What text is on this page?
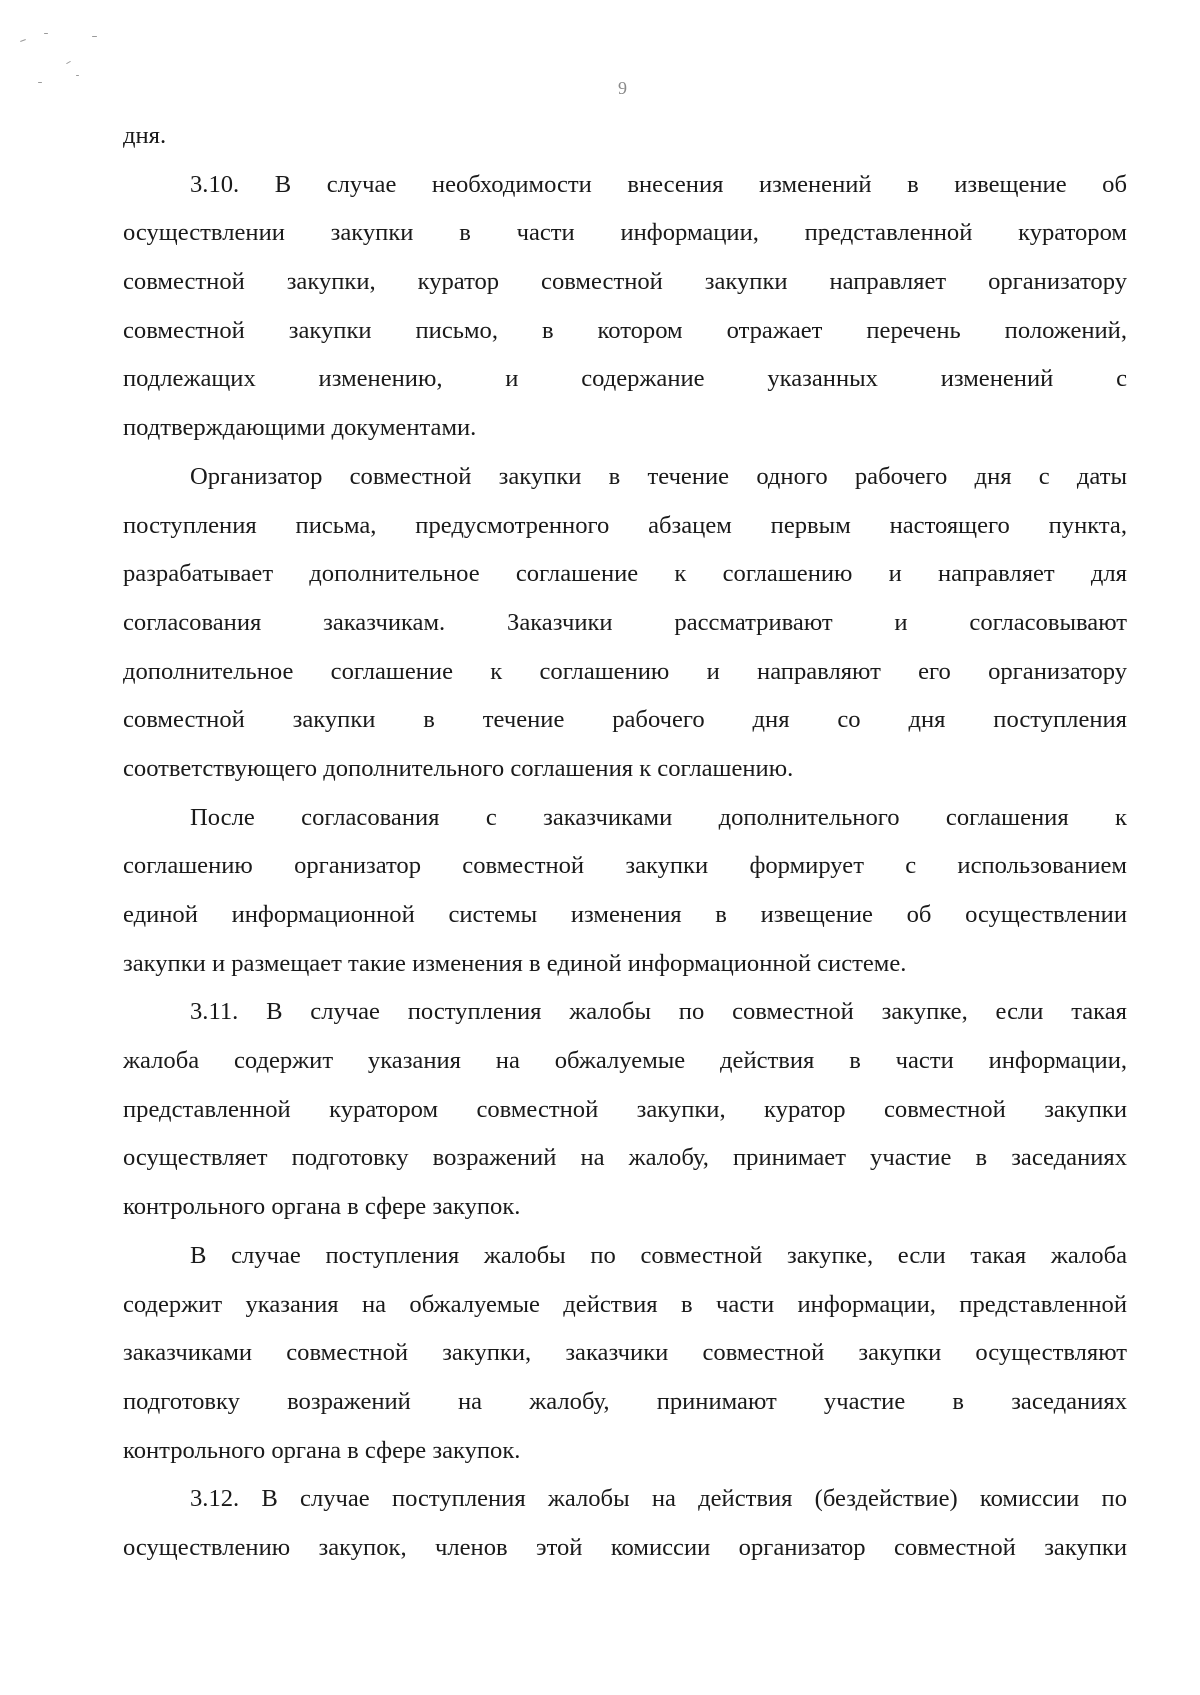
9
дня.
3.10. В случае необходимости внесения изменений в извещение об
осуществлении закупки в части информации, представленной куратором
совместной закупки, куратор совместной закупки направляет организатору
совместной закупки письмо, в котором отражает перечень положений,
подлежащих изменению, и содержание указанных изменений с
подтверждающими документами.
Организатор совместной закупки в течение одного рабочего дня с даты
поступления письма, предусмотренного абзацем первым настоящего пункта,
разрабатывает дополнительное соглашение к соглашению и направляет для
согласования заказчикам. Заказчики рассматривают и согласовывают
дополнительное соглашение к соглашению и направляют его организатору
совместной закупки в течение рабочего дня со дня поступления
соответствующего дополнительного соглашения к соглашению.
После согласования с заказчиками дополнительного соглашения к
соглашению организатор совместной закупки формирует с использованием
единой информационной системы изменения в извещение об осуществлении
закупки и размещает такие изменения в единой информационной системе.
3.11. В случае поступления жалобы по совместной закупке, если такая
жалоба содержит указания на обжалуемые действия в части информации,
представленной куратором совместной закупки, куратор совместной закупки
осуществляет подготовку возражений на жалобу, принимает участие в заседаниях
контрольного органа в сфере закупок.
В случае поступления жалобы по совместной закупке, если такая жалоба
содержит указания на обжалуемые действия в части информации, представленной
заказчиками совместной закупки, заказчики совместной закупки осуществляют
подготовку возражений на жалобу, принимают участие в заседаниях
контрольного органа в сфере закупок.
3.12. В случае поступления жалобы на действия (бездействие) комиссии по
осуществлению закупок, членов этой комиссии организатор совместной закупки
